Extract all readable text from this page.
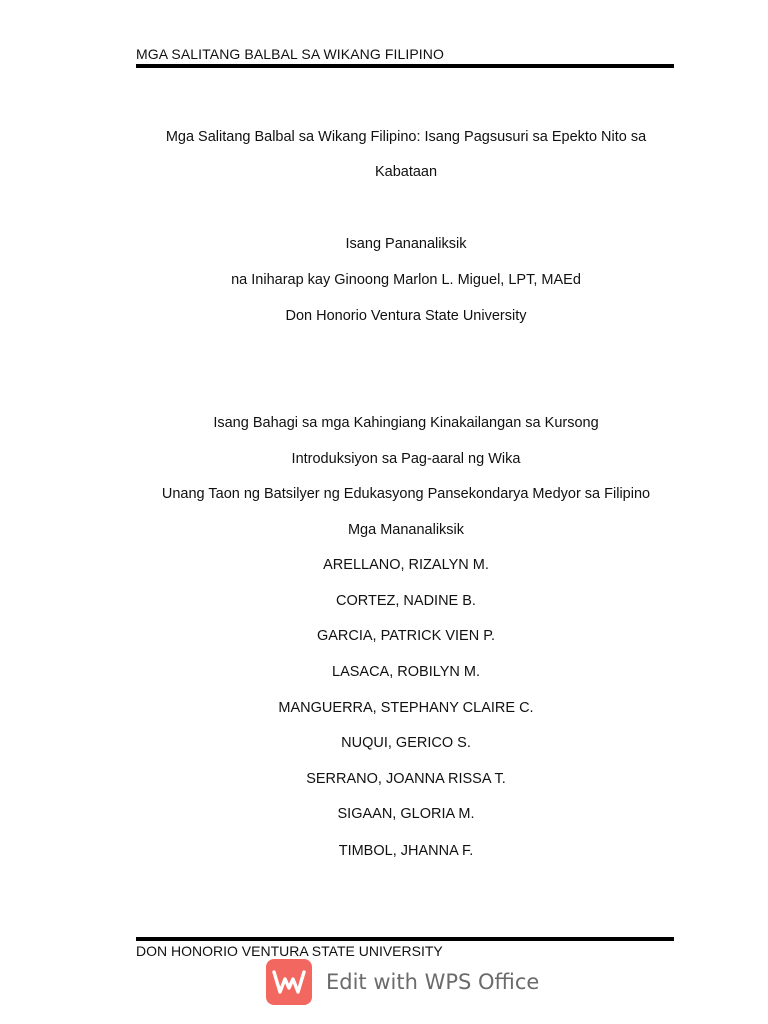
MGA SALITANG BALBAL SA WIKANG FILIPINO
Mga Salitang Balbal sa Wikang Filipino: Isang Pagsusuri sa Epekto Nito sa
Kabataan
Isang Pananaliksik
na Iniharap kay Ginoong Marlon L. Miguel, LPT, MAEd
Don Honorio Ventura State University
Isang Bahagi sa mga Kahingiang Kinakailangan sa Kursong
Introduksiyon sa Pag-aaral ng Wika
Unang Taon ng Batsilyer ng Edukasyong Pansekondarya Medyor sa Filipino
Mga Mananaliksik
ARELLANO, RIZALYN M.
CORTEZ, NADINE B.
GARCIA, PATRICK VIEN P.
LASACA, ROBILYN M.
MANGUERRA, STEPHANY CLAIRE C.
NUQUI, GERICO S.
SERRANO, JOANNA RISSA T.
SIGAAN, GLORIA M.
TIMBOL, JHANNA F.
DON HONORIO VENTURA STATE UNIVERSITY
Edit with WPS Office
